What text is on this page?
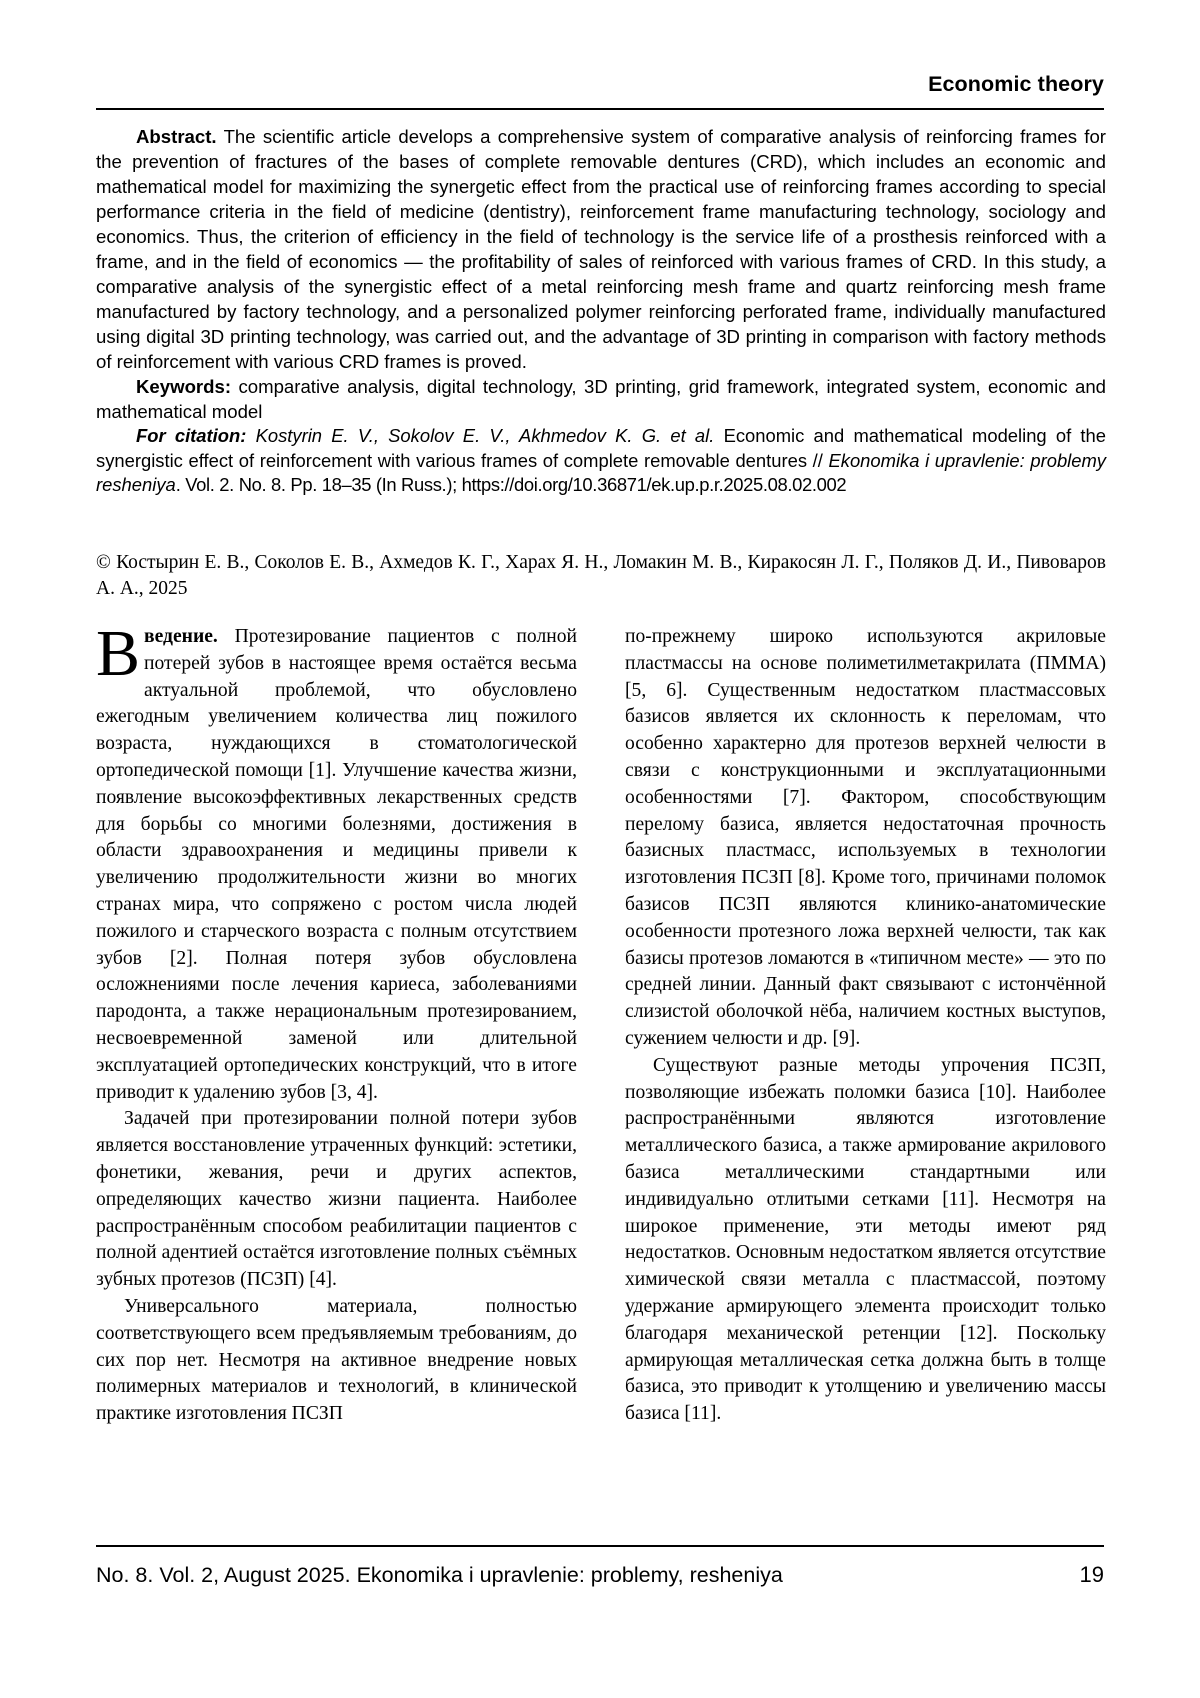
Economic theory

Abstract. The scientific article develops a comprehensive system of comparative analysis of reinforcing frames for the prevention of fractures of the bases of complete removable dentures (CRD), which includes an economic and mathematical model for maximizing the synergetic effect from the practical use of reinforcing frames according to special performance criteria in the field of medicine (dentistry), reinforcement frame manufacturing technology, sociology and economics. Thus, the criterion of efficiency in the field of technology is the service life of a prosthesis reinforced with a frame, and in the field of economics — the profitability of sales of reinforced with various frames of CRD. In this study, a comparative analysis of the synergistic effect of a metal reinforcing mesh frame and quartz reinforcing mesh frame manufactured by factory technology, and a personalized polymer reinforcing perforated frame, individually manufactured using digital 3D printing technology, was carried out, and the advantage of 3D printing in comparison with factory methods of reinforcement with various CRD frames is proved.

Keywords: comparative analysis, digital technology, 3D printing, grid framework, integrated system, economic and mathematical model

For citation: Kostyrin E. V., Sokolov E. V., Akhmedov K. G. et al. Economic and mathematical modeling of the synergistic effect of reinforcement with various frames of complete removable dentures // Ekonomika i upravlenie: problemy resheniya. Vol. 2. No. 8. Pp. 18–35 (In Russ.); https://doi.org/10.36871/ek.up.p.r.2025.08.02.002

© Костырин Е. В., Соколов Е. В., Ахмедов К. Г., Харах Я. Н., Ломакин М. В., Киракосян Л. Г., Поляков Д. И., Пивоваров А. А., 2025

Введение. Протезирование пациентов с полной потерей зубов в настоящее время остаётся весьма актуальной проблемой, что обусловлено ежегодным увеличением количества лиц пожилого возраста, нуждающихся в стоматологической ортопедической помощи [1]. Улучшение качества жизни, появление высокоэффективных лекарственных средств для борьбы со многими болезнями, достижения в области здравоохранения и медицины привели к увеличению продолжительности жизни во многих странах мира, что сопряжено с ростом числа людей пожилого и старческого возраста с полным отсутствием зубов [2]. Полная потеря зубов обусловлена осложнениями после лечения кариеса, заболеваниями пародонта, а также нерациональным протезированием, несвоевременной заменой или длительной эксплуатацией ортопедических конструкций, что в итоге приводит к удалению зубов [3, 4].

Задачей при протезировании полной потери зубов является восстановление утраченных функций: эстетики, фонетики, жевания, речи и других аспектов, определяющих качество жизни пациента. Наиболее распространённым способом реабилитации пациентов с полной адентией остаётся изготовление полных съёмных зубных протезов (ПСЗП) [4].

Универсального материала, полностью соответствующего всем предъявляемым требованиям, до сих пор нет. Несмотря на активное внедрение новых полимерных материалов и технологий, в клинической практике изготовления ПСЗП

по-прежнему широко используются акриловые пластмассы на основе полиметилметакрилата (ПММА) [5, 6]. Существенным недостатком пластмассовых базисов является их склонность к переломам, что особенно характерно для протезов верхней челюсти в связи с конструкционными и эксплуатационными особенностями [7]. Фактором, способствующим перелому базиса, является недостаточная прочность базисных пластмасс, используемых в технологии изготовления ПСЗП [8]. Кроме того, причинами поломок базисов ПСЗП являются клинико-анатомические особенности протезного ложа верхней челюсти, так как базисы протезов ломаются в «типичном месте» — это по средней линии. Данный факт связывают с истончённой слизистой оболочкой нёба, наличием костных выступов, сужением челюсти и др. [9].

Существуют разные методы упрочения ПСЗП, позволяющие избежать поломки базиса [10]. Наиболее распространёнными являются изготовление металлического базиса, а также армирование акрилового базиса металлическими стандартными или индивидуально отлитыми сетками [11]. Несмотря на широкое применение, эти методы имеют ряд недостатков. Основным недостатком является отсутствие химической связи металла с пластмассой, поэтому удержание армирующего элемента происходит только благодаря механической ретенции [12]. Поскольку армирующая металлическая сетка должна быть в толще базиса, это приводит к утолщению и увеличению массы базиса [11].

No. 8. Vol. 2, August 2025. Ekonomika i upravlenie: problemy, resheniya	19
